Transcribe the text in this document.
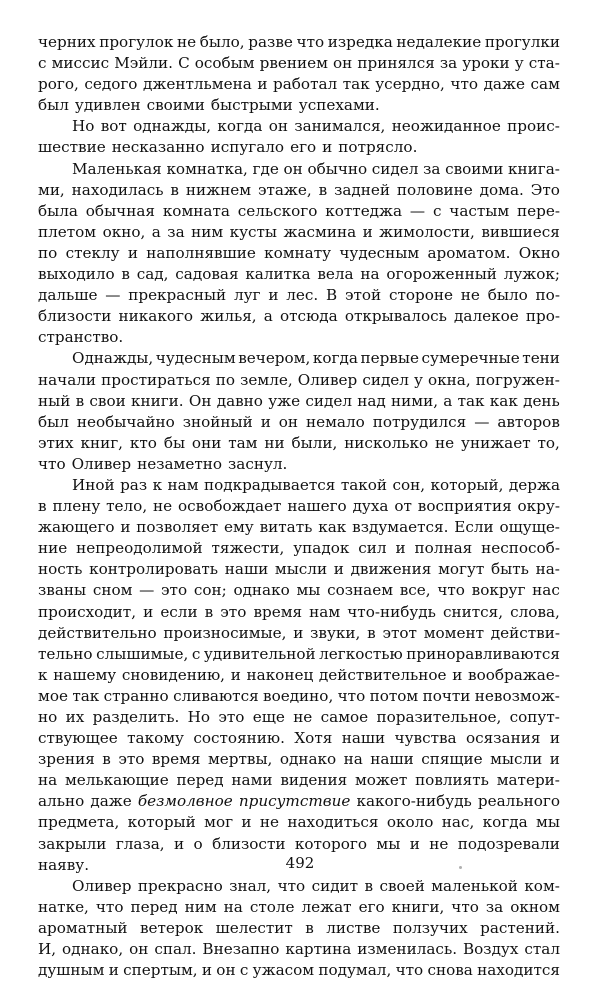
черних прогулок не было, разве что изредка недалекие прогулки
с миссис Мэйли. С особым рвением он принялся за уроки у ста-
рого, седого джентльмена и работал так усердно, что даже сам
был удивлен своими быстрыми успехами.
Но вот однажды, когда он занимался, неожиданное проис-
шествие несказанно испугало его и потрясло.
Маленькая комнатка, где он обычно сидел за своими книга-
ми, находилась в нижнем этаже, в задней половине дома. Это
была обычная комната сельского коттеджа — с частым пере-
плетом окно, а за ним кусты жасмина и жимолости, вившиеся
по стеклу и наполнявшие комнату чудесным ароматом. Окно
выходило в сад, садовая калитка вела на огороженный лужок;
дальше — прекрасный луг и лес. В этой стороне не было по-
близости никакого жилья, а отсюда открывалось далекое про-
странство.
Однажды, чудесным вечером, когда первые сумеречные тени
начали простираться по земле, Оливер сидел у окна, погружен-
ный в свои книги. Он давно уже сидел над ними, а так как день
был необычайно знойный и он немало потрудился — авторов
этих книг, кто бы они там ни были, нисколько не унижает то,
что Оливер незаметно заснул.
Иной раз к нам подкрадывается такой сон, который, держа
в плену тело, не освобождает нашего духа от восприятия окру-
жающего и позволяет ему витать как вздумается. Если ощуще-
ние непреодолимой тяжести, упадок сил и полная неспособ-
ность контролировать наши мысли и движения могут быть на-
званы сном — это сон; однако мы сознаем все, что вокруг нас
происходит, и если в это время нам что-нибудь снится, слова,
действительно произносимые, и звуки, в этот момент действи-
тельно слышимые, с удивительной легкостью приноравливаются
к нашему сновидению, и наконец действительное и воображае-
мое так странно сливаются воедино, что потом почти невозмож-
но их разделить. Но это еще не самое поразительное, сопут-
ствующее такому состоянию. Хотя наши чувства осязания и
зрения в это время мертвы, однако на наши спящие мысли и
на мелькающие перед нами видения может повлиять матери-
ально даже безмолвное присутствие какого-нибудь реального
предмета, который мог и не находиться около нас, когда мы
закрыли глаза, и о близости которого мы и не подозревали
наяву.
Оливер прекрасно знал, что сидит в своей маленькой ком-
натке, что перед ним на столе лежат его книги, что за окном
ароматный ветерок шелестит в листве ползучих растений.
И, однако, он спал. Внезапно картина изменилась. Воздух стал
душным и спертым, и он с ужасом подумал, что снова находится
492
